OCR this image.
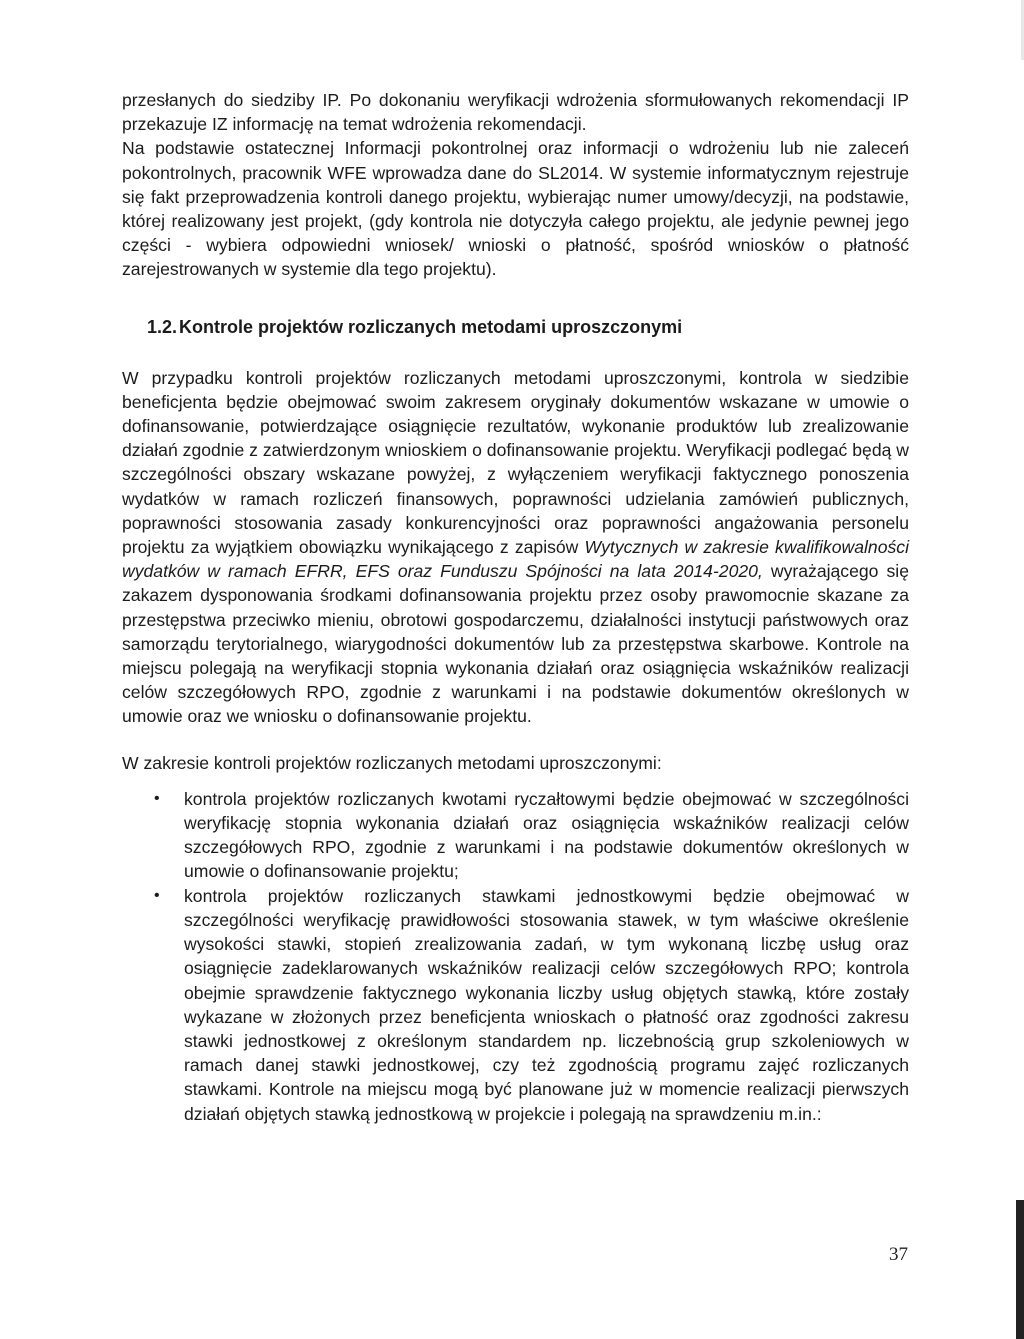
przesłanych do siedziby IP. Po dokonaniu weryfikacji wdrożenia sformułowanych rekomendacji IP przekazuje IZ informację na temat wdrożenia rekomendacji.

Na podstawie ostatecznej Informacji pokontrolnej oraz informacji o wdrożeniu lub nie zaleceń pokontrolnych, pracownik WFE wprowadza dane do SL2014. W systemie informatycznym rejestruje się fakt przeprowadzenia kontroli danego projektu, wybierając numer umowy/decyzji, na podstawie, której realizowany jest projekt, (gdy kontrola nie dotyczyła całego projektu, ale jedynie pewnej jego części - wybiera odpowiedni wniosek/ wnioski o płatność, spośród wniosków o płatność zarejestrowanych w systemie dla tego projektu).

1.2. Kontrole projektów rozliczanych metodami uproszczonymi

W przypadku kontroli projektów rozliczanych metodami uproszczonymi, kontrola w siedzibie beneficjenta będzie obejmować swoim zakresem oryginały dokumentów wskazane w umowie o dofinansowanie, potwierdzające osiągnięcie rezultatów, wykonanie produktów lub zrealizowanie działań zgodnie z zatwierdzonym wnioskiem o dofinansowanie projektu. Weryfikacji podlegać będą w szczególności obszary wskazane powyżej, z wyłączeniem weryfikacji faktycznego ponoszenia wydatków w ramach rozliczeń finansowych, poprawności udzielania zamówień publicznych, poprawności stosowania zasady konkurencyjności oraz poprawności angażowania personelu projektu za wyjątkiem obowiązku wynikającego z zapisów Wytycznych w zakresie kwalifikowalności wydatków w ramach EFRR, EFS oraz Funduszu Spójności na lata 2014-2020, wyrażającego się zakazem dysponowania środkami dofinansowania projektu przez osoby prawomocnie skazane za przestępstwa przeciwko mieniu, obrotowi gospodarczemu, działalności instytucji państwowych oraz samorządu terytorialnego, wiarygodności dokumentów lub za przestępstwa skarbowe. Kontrole na miejscu polegają na weryfikacji stopnia wykonania działań oraz osiągnięcia wskaźników realizacji celów szczegółowych RPO, zgodnie z warunkami i na podstawie dokumentów określonych w umowie oraz we wniosku o dofinansowanie projektu.

W zakresie kontroli projektów rozliczanych metodami uproszczonymi:

• kontrola projektów rozliczanych kwotami ryczałtowymi będzie obejmować w szczególności weryfikację stopnia wykonania działań oraz osiągnięcia wskaźników realizacji celów szczegółowych RPO, zgodnie z warunkami i na podstawie dokumentów określonych w umowie o dofinansowanie projektu;

• kontrola projektów rozliczanych stawkami jednostkowymi będzie obejmować w szczególności weryfikację prawidłowości stosowania stawek, w tym właściwe określenie wysokości stawki, stopień zrealizowania zadań, w tym wykonaną liczbę usług oraz osiągnięcie zadeklarowanych wskaźników realizacji celów szczegółowych RPO; kontrola obejmie sprawdzenie faktycznego wykonania liczby usług objętych stawką, które zostały wykazane w złożonych przez beneficjenta wnioskach o płatność oraz zgodności zakresu stawki jednostkowej z określonym standardem np. liczebnością grup szkoleniowych w ramach danej stawki jednostkowej, czy też zgodnością programu zajęć rozliczanych stawkami. Kontrole na miejscu mogą być planowane już w momencie realizacji pierwszych działań objętych stawką jednostkową w projekcie i polegają na sprawdzeniu m.in.:

37
